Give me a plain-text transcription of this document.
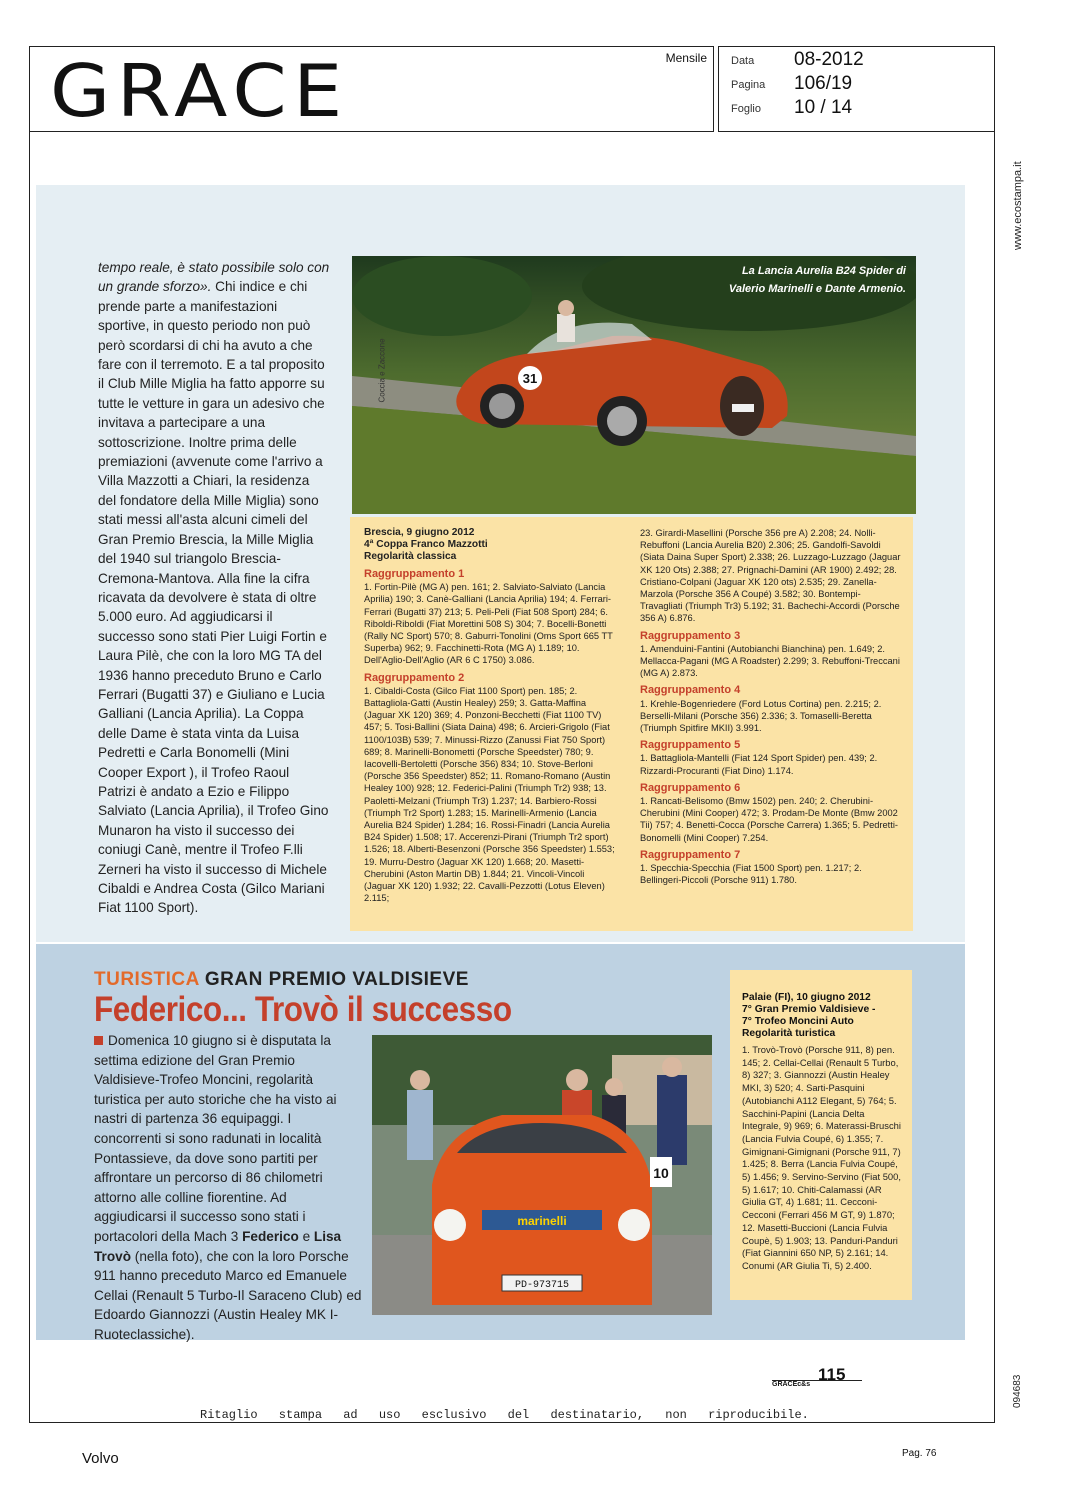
GRACE	Mensile Data 08-2012
Pagina 106/19
Foglio 10 / 14
www.ecostampa.it
094683
tempo reale, è stato possibile solo con un grande sforzo». Chi indice e chi prende parte a manifestazioni sportive, in questo periodo non può però scordarsi di chi ha avuto a che fare con il terremoto. E a tal proposito il Club Mille Miglia ha fatto apporre su tutte le vetture in gara un adesivo che invitava a partecipare a una sottoscrizione. Inoltre prima delle premiazioni (avvenute come l'arrivo a Villa Mazzotti a Chiari, la residenza del fondatore della Mille Miglia) sono stati messi all'asta alcuni cimeli del Gran Premio Brescia, la Mille Miglia del 1940 sul triangolo Brescia-Cremona-Mantova. Alla fine la cifra ricavata da devolvere è stata di oltre 5.000 euro. Ad aggiudicarsi il successo sono stati Pier Luigi Fortin e Laura Pilè, che con la loro MG TA del 1936 hanno preceduto Bruno e Carlo Ferrari (Bugatti 37) e Giuliano e Lucia Galliani (Lancia Aprilia). La Coppa delle Dame è stata vinta da Luisa Pedretti e Carla Bonomelli (Mini Cooper Export ), il Trofeo Raoul Patrizi è andato a Ezio e Filippo Salviato (Lancia Aprilia), il Trofeo Gino Munaron ha visto il successo dei coniugi Canè, mentre il Trofeo F.lli Zerneri ha visto il successo di Michele Cibaldi e Andrea Costa (Gilco Mariani Fiat 1100 Sport).
31
La Lancia Aurelia B24 Spider di
Valerio Marinelli e Dante Armenio.
Coccia e Zaccone
Brescia, 9 giugno 2012
4ª Coppa Franco Mazzotti
Regolarità classica
Raggruppamento 1
1. Fortin-Pilè (MG A) pen. 161; 2. Salviato-Salviato (Lancia Aprilia) 190; 3. Canè-Galliani (Lancia Aprilia) 194; 4. Ferrari-Ferrari (Bugatti 37) 213; 5. Peli-Peli (Fiat 508 Sport) 284; 6. Riboldi-Riboldi (Fiat Morettini 508 S) 304; 7. Bocelli-Bonetti (Rally NC Sport) 570; 8. Gaburri-Tonolini (Oms Sport 665 TT Superba) 962; 9. Facchinetti-Rota (MG A) 1.189; 10. Dell'Aglio-Dell'Aglio (AR 6 C 1750) 3.086.
Raggruppamento 2
1. Cibaldi-Costa (Gilco Fiat 1100 Sport) pen. 185; 2. Battagliola-Gatti (Austin Healey) 259; 3. Gatta-Maffina (Jaguar XK 120) 369; 4. Ponzoni-Becchetti (Fiat 1100 TV) 457; 5. Tosi-Ballini (Siata Daina) 498; 6. Arcieri-Grigolo (Fiat 1100/103B) 539; 7. Minussi-Rizzo (Zanussi Fiat 750 Sport) 689; 8. Marinelli-Bonometti (Porsche Speedster) 780; 9. Iacovelli-Bertoletti (Porsche 356) 834; 10. Stove-Berloni (Porsche 356 Speedster) 852; 11. Romano-Romano (Austin Healey 100) 928; 12. Federici-Palini (Triumph Tr2) 938; 13. Paoletti-Melzani (Triumph Tr3) 1.237; 14. Barbiero-Rossi (Triumph Tr2 Sport) 1.283; 15. Marinelli-Armenio (Lancia Aurelia B24 Spider) 1.284; 16. Rossi-Finadri (Lancia Aurelia B24 Spider) 1.508; 17. Accerenzi-Pirani (Triumph Tr2 sport) 1.526; 18. Alberti-Besenzoni (Porsche 356 Speedster) 1.553; 19. Murru-Destro (Jaguar XK 120) 1.668; 20. Masetti-Cherubini (Aston Martin DB) 1.844; 21. Vincoli-Vincoli (Jaguar XK 120) 1.932; 22. Cavalli-Pezzotti (Lotus Eleven) 2.115;
23. Girardi-Masellini (Porsche 356 pre A) 2.208; 24. Nolli-Rebuffoni (Lancia Aurelia B20) 2.306; 25. Gandolfi-Savoldi (Siata Daina Super Sport) 2.338; 26. Luzzago-Luzzago (Jaguar XK 120 Ots) 2.388; 27. Prignachi-Damini (AR 1900) 2.492; 28. Cristiano-Colpani (Jaguar XK 120 ots) 2.535; 29. Zanella-Marzola (Porsche 356 A Coupé) 3.582; 30. Bontempi-Travagliati (Triumph Tr3) 5.192; 31. Bachechi-Accordi (Porsche 356 A) 6.876.
Raggruppamento 3
1. Amenduini-Fantini (Autobianchi Bianchina) pen. 1.649; 2. Mellacca-Pagani (MG A Roadster) 2.299; 3. Rebuffoni-Treccani (MG A) 2.873.
Raggruppamento 4
1. Krehle-Bogenriedere (Ford Lotus Cortina) pen. 2.215; 2. Berselli-Milani (Porsche 356) 2.336; 3. Tomaselli-Beretta (Triumph Spitfire MKII) 3.991.
Raggruppamento 5
1. Battagliola-Mantelli (Fiat 124 Sport Spider) pen. 439; 2. Rizzardi-Procuranti (Fiat Dino) 1.174.
Raggruppamento 6
1. Rancati-Belisomo (Bmw 1502) pen. 240; 2. Cherubini-Cherubini (Mini Cooper) 472; 3. Prodam-De Monte (Bmw 2002 Tii) 757; 4. Benetti-Cocca (Porsche Carrera) 1.365; 5. Pedretti-Bonomelli (Mini Cooper) 7.254.
Raggruppamento 7
1. Specchia-Specchia (Fiat 1500 Sport) pen. 1.217; 2. Bellingeri-Piccoli (Porsche 911) 1.780.
TURISTICA GRAN PREMIO VALDISIEVE
Federico... Trovò il successo
Domenica 10 giugno si è disputata la settima edizione del Gran Premio Valdisieve-Trofeo Moncini, regolarità turistica per auto storiche che ha visto ai nastri di partenza 36 equipaggi. I concorrenti si sono radunati in località Pontassieve, da dove sono partiti per affrontare un percorso di 86 chilometri attorno alle colline fiorentine. Ad aggiudicarsi il successo sono stati i portacolori della Mach 3 Federico e Lisa Trovò (nella foto), che con la loro Porsche 911 hanno preceduto Marco ed Emanuele Cellai (Renault 5 Turbo-Il Saraceno Club) ed Edoardo Giannozzi (Austin Healey MK I-Ruoteclassiche).
marinelli
PD-973715
10
Palaie (FI), 10 giugno 2012
7° Gran Premio Valdisieve -
7° Trofeo Moncini Auto
Regolarità turistica
1. Trovò-Trovò (Porsche 911, 8) pen. 145; 2. Cellai-Cellai (Renault 5 Turbo, 8) 327; 3. Giannozzi (Austin Healey MKI, 3) 520; 4. Sarti-Pasquini (Autobianchi A112 Elegant, 5) 764; 5. Sacchini-Papini (Lancia Delta Integrale, 9) 969; 6. Materassi-Bruschi (Lancia Fulvia Coupé, 6) 1.355; 7. Gimignani-Gimignani (Porsche 911, 7) 1.425; 8. Berra (Lancia Fulvia Coupé, 5) 1.456; 9. Servino-Servino (Fiat 500, 5) 1.617; 10. Chiti-Calamassi (AR Giulia GT, 4) 1.681; 11. Cecconi-Cecconi (Ferrari 456 M GT, 9) 1.870; 12. Masetti-Buccioni (Lancia Fulvia Coupè, 5) 1.903; 13. Panduri-Panduri (Fiat Giannini 650 NP, 5) 2.161; 14. Conumi (AR Giulia Ti, 5) 2.400.
115
GRACEc&s
Ritaglio stampa ad uso esclusivo del destinatario, non riproducibile.
Volvo	Pag. 76
